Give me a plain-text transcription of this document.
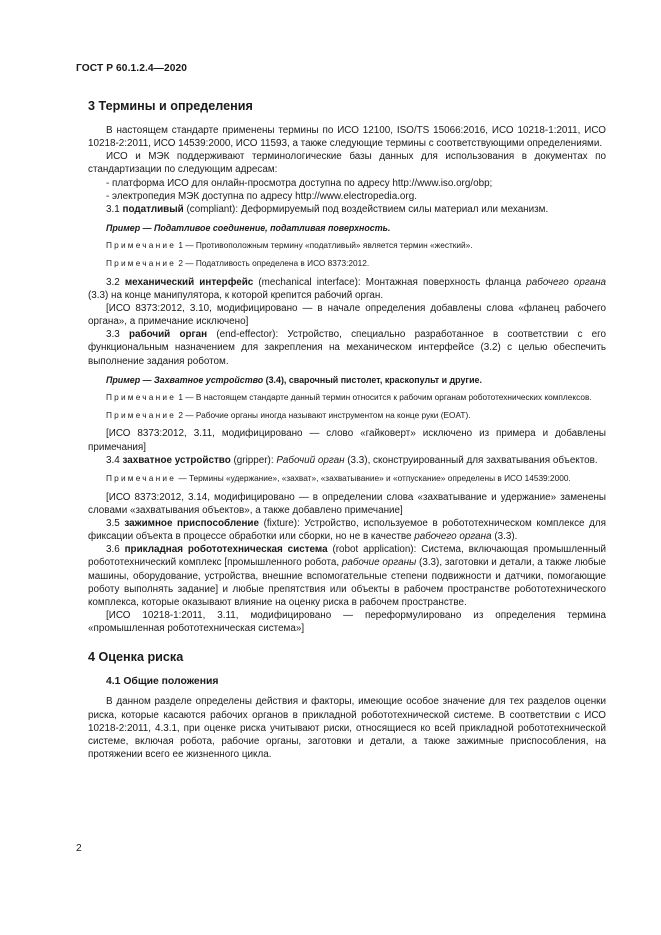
ГОСТ Р 60.1.2.4—2020
3 Термины и определения

В настоящем стандарте применены термины по ИСО 12100, ISO/TS 15066:2016, ИСО 10218-1:2011, ИСО 10218-2:2011, ИСО 14539:2000, ИСО 11593, а также следующие термины с соответствующими определениями.

ИСО и МЭК поддерживают терминологические базы данных для использования в документах по стандартизации по следующим адресам:

- платформа ИСО для онлайн-просмотра доступна по адресу http://www.iso.org/obp;

- электропедия МЭК доступна по адресу http://www.electropedia.org.

3.1 податливый (compliant): Деформируемый под воздействием силы материал или механизм.

Пример — Податливое соединение, податливая поверхность.

Примечание 1 — Противоположным термину «податливый» является термин «жесткий».

Примечание 2 — Податливость определена в ИСО 8373:2012.

3.2 механический интерфейс (mechanical interface): Монтажная поверхность фланца рабочего органа (3.3) на конце манипулятора, к которой крепится рабочий орган.

[ИСО 8373:2012, 3.10, модифицировано — в начале определения добавлены слова «фланец рабочего органа», а примечание исключено]

3.3 рабочий орган (end-effector): Устройство, специально разработанное в соответствии с его функциональным назначением для закрепления на механическом интерфейсе (3.2) с целью обеспечить выполнение задания роботом.

Пример — Захватное устройство (3.4), сварочный пистолет, краскопульт и другие.

Примечание 1 — В настоящем стандарте данный термин относится к рабочим органам робототехнических комплексов.

Примечание 2 — Рабочие органы иногда называют инструментом на конце руки (EOAT).

[ИСО 8373:2012, 3.11, модифицировано — слово «гайковерт» исключено из примера и добавлены примечания]

3.4 захватное устройство (gripper): Рабочий орган (3.3), сконструированный для захватывания объектов.

Примечание — Термины «удержание», «захват», «захватывание» и «отпускание» определены в ИСО 14539:2000.

[ИСО 8373:2012, 3.14, модифицировано — в определении слова «захватывание и удержание» заменены словами «захватывания объектов», а также добавлено примечание]

3.5 зажимное приспособление (fixture): Устройство, используемое в робототехническом комплексе для фиксации объекта в процессе обработки или сборки, но не в качестве рабочего органа (3.3).

3.6 прикладная робототехническая система (robot application): Система, включающая промышленный робототехнический комплекс [промышленного робота, рабочие органы (3.3), заготовки и детали, а также любые машины, оборудование, устройства, внешние вспомогательные степени подвижности и датчики, помогающие роботу выполнять задание] и любые препятствия или объекты в рабочем пространстве робототехнического комплекса, которые оказывают влияние на оценку риска в рабочем пространстве.

[ИСО 10218-1:2011, 3.11, модифицировано — переформулировано из определения термина «промышленная робототехническая система»]

4 Оценка риска
4.1 Общие положения

В данном разделе определены действия и факторы, имеющие особое значение для тех разделов оценки риска, которые касаются рабочих органов в прикладной робототехнической системе. В соответствии с ИСО 10218-2:2011, 4.3.1, при оценке риска учитывают риски, относящиеся ко всей прикладной робототехнической системе, включая робота, рабочие органы, заготовки и детали, а также зажимные приспособления, на протяжении всего ее жизненного цикла.

2
